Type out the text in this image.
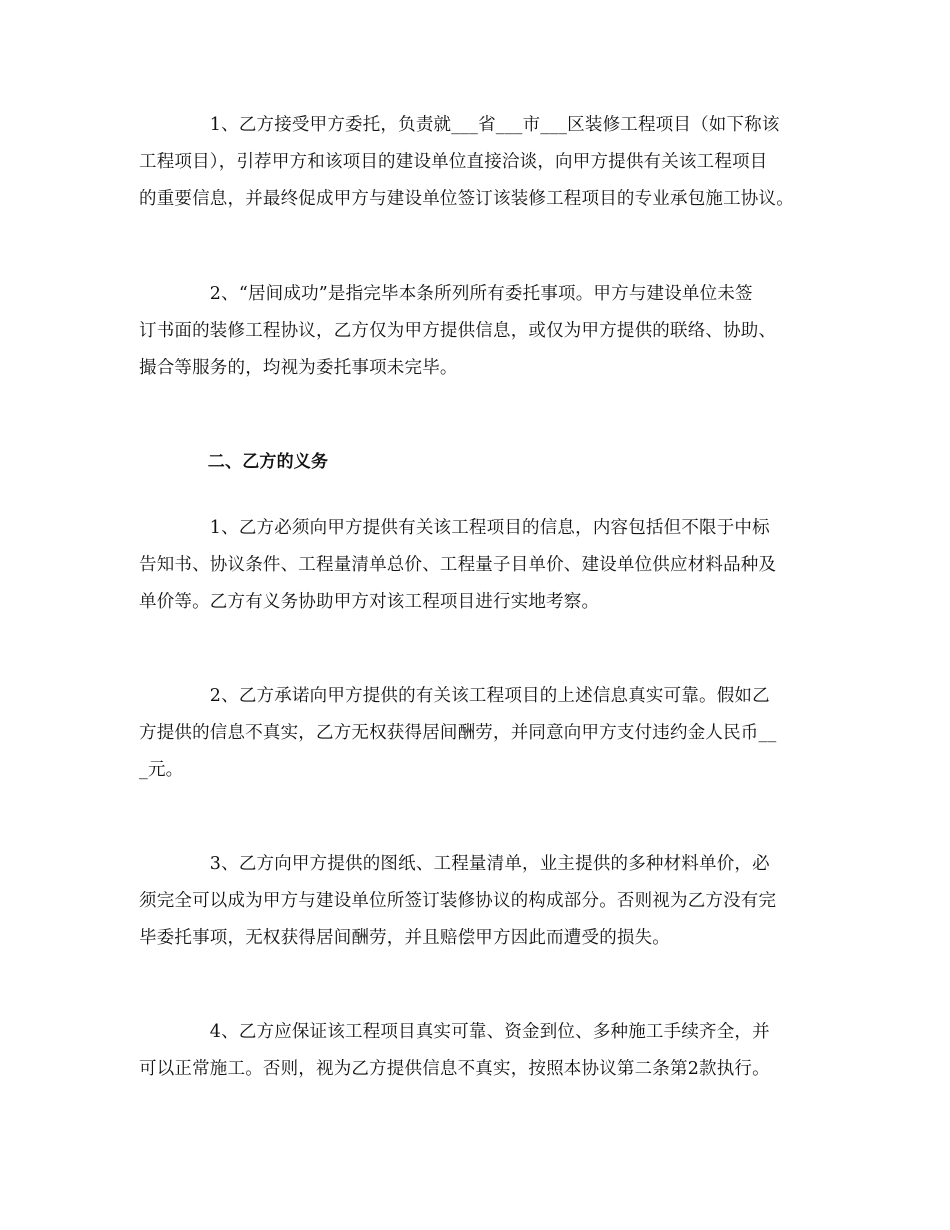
　　　　1、乙方接受甲方委托，负责就___省___市___区装修工程项目（如下称该
工程项目），引荐甲方和该项目的建设单位直接洽谈，向甲方提供有关该工程项目
的重要信息，并最终促成甲方与建设单位签订该装修工程项目的专业承包施工协议。
　　　　2、“居间成功”是指完毕本条所列所有委托事项。甲方与建设单位未签
订书面的装修工程协议，乙方仅为甲方提供信息，或仅为甲方提供的联络、协助、
撮合等服务的，均视为委托事项未完毕。
　　　　二、乙方的义务
　　　　1、乙方必须向甲方提供有关该工程项目的信息，内容包括但不限于中标
告知书、协议条件、工程量清单总价、工程量子目单价、建设单位供应材料品种及
单价等。乙方有义务协助甲方对该工程项目进行实地考察。
　　　　2、乙方承诺向甲方提供的有关该工程项目的上述信息真实可靠。假如乙
方提供的信息不真实，乙方无权获得居间酬劳，并同意向甲方支付违约金人民币__
_元。
　　　　3、乙方向甲方提供的图纸、工程量清单，业主提供的多种材料单价，必
须完全可以成为甲方与建设单位所签订装修协议的构成部分。否则视为乙方没有完
毕委托事项，无权获得居间酬劳，并且赔偿甲方因此而遭受的损失。
　　　　4、乙方应保证该工程项目真实可靠、资金到位、多种施工手续齐全，并
可以正常施工。否则，视为乙方提供信息不真实，按照本协议第二条第2款执行。
